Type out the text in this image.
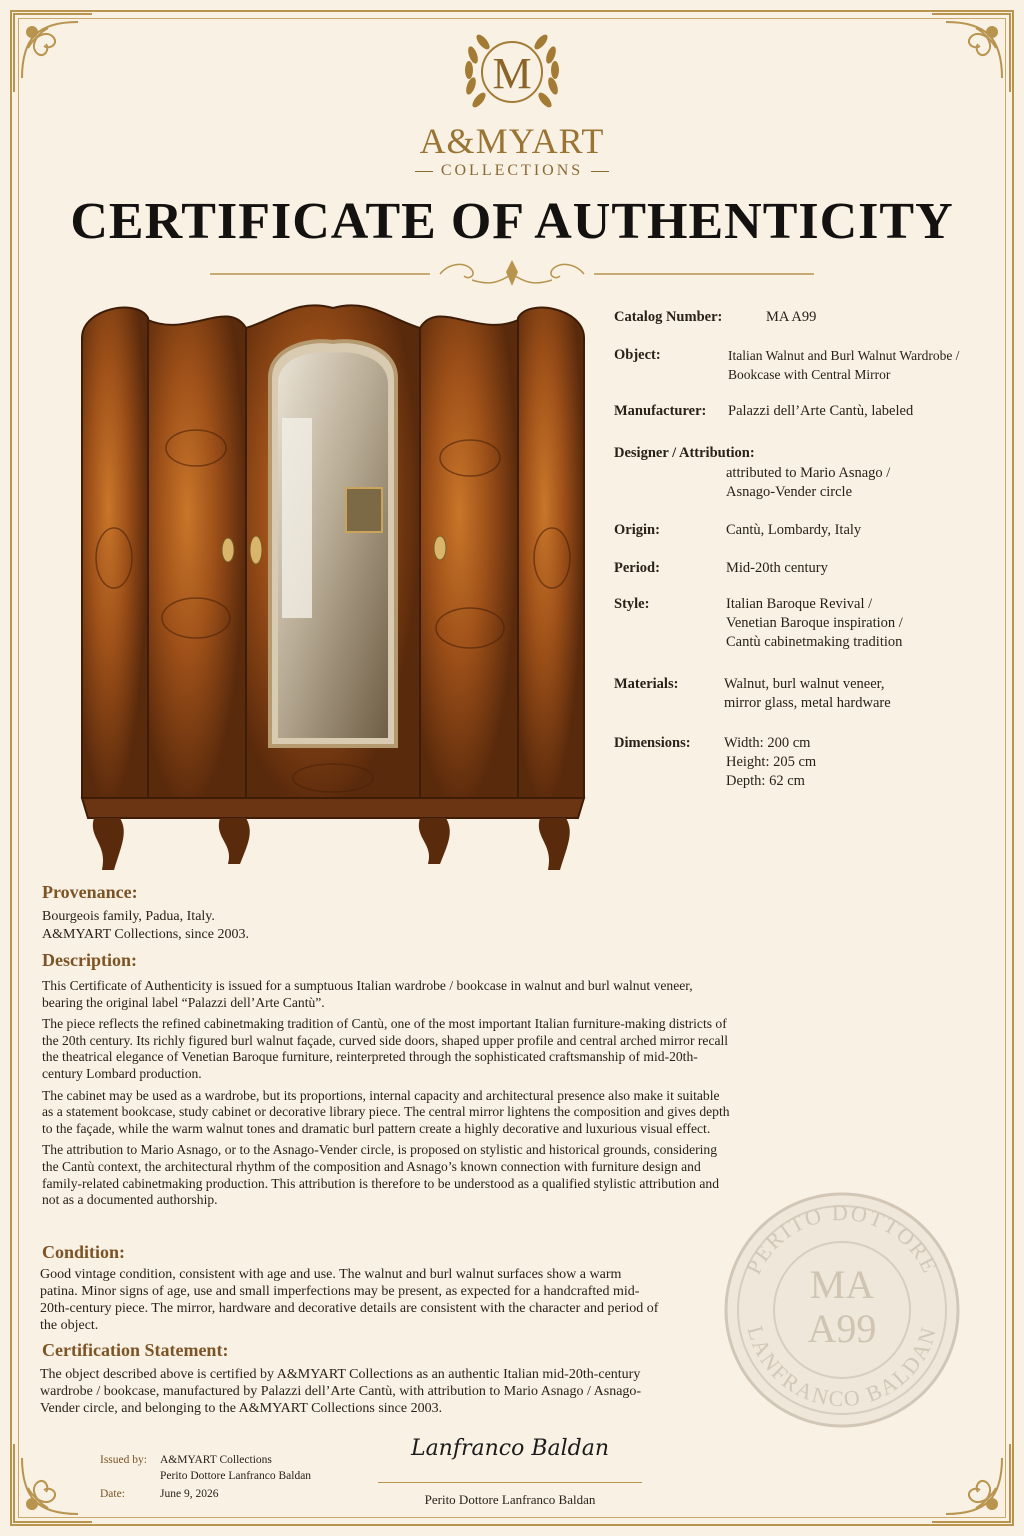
M
A&MYART
COLLECTIONS
CERTIFICATE OF AUTHENTICITY
Catalog Number:	MA A99
Object:	Italian Walnut and Burl Walnut Wardrobe /
Bookcase with Central Mirror
Manufacturer: Palazzi dell’Arte Cantù, labeled
Designer / Attribution:
attributed to Mario Asnago /
Asnago-Vender circle
Origin:	Cantù, Lombardy, Italy
Period:	Mid-20th century
Style:	Italian Baroque Revival /
Venetian Baroque inspiration /
Cantù cabinetmaking tradition
Materials:	Walnut, burl walnut veneer,
mirror glass, metal hardware
Dimensions: Width: 200 cm
Height: 205 cm
Depth: 62 cm
Provenance:
Bourgeois family, Padua, Italy.
A&MYART Collections, since 2003.
Description:
This Certificate of Authenticity is issued for a sumptuous Italian wardrobe / bookcase in walnut and burl walnut veneer, bearing the original label “Palazzi dell’Arte Cantù”.
The piece reflects the refined cabinetmaking tradition of Cantù, one of the most important Italian furniture-making districts of the 20th century. Its richly figured burl walnut façade, curved side doors, shaped upper profile and central arched mirror recall the theatrical elegance of Venetian Baroque furniture, reinterpreted through the sophisticated craftsmanship of mid-20th-century Lombard production.
The cabinet may be used as a wardrobe, but its proportions, internal capacity and architectural presence also make it suitable as a statement bookcase, study cabinet or decorative library piece. The central mirror lightens the composition and gives depth to the façade, while the warm walnut tones and dramatic burl pattern create a highly decorative and luxurious visual effect.
The attribution to Mario Asnago, or to the Asnago-Vender circle, is proposed on stylistic and historical grounds, considering the Cantù context, the architectural rhythm of the composition and Asnago’s known connection with furniture design and family-related cabinetmaking production. This attribution is therefore to be understood as a qualified stylistic attribution and not as a documented authorship.
Condition:
Good vintage condition, consistent with age and use. The walnut and burl walnut surfaces show a warm patina. Minor signs of age, use and small imperfections may be present, as expected for a handcrafted mid-20th-century piece. The mirror, hardware and decorative details are consistent with the character and period of the object.
Certification Statement:
The object described above is certified by A&MYART Collections as an authentic Italian mid-20th-century wardrobe / bookcase, manufactured by Palazzi dell’Arte Cantù, with attribution to Mario Asnago / Asnago-Vender circle, and belonging to the A&MYART Collections since 2003.
PERITO DOTTORE
LANFRANCO BALDAN
MA
A99
Issued by: A&MYART Collections
Perito Dottore Lanfranco Baldan
Date:	June 9, 2026
Lanfranco Baldan
Perito Dottore Lanfranco Baldan
